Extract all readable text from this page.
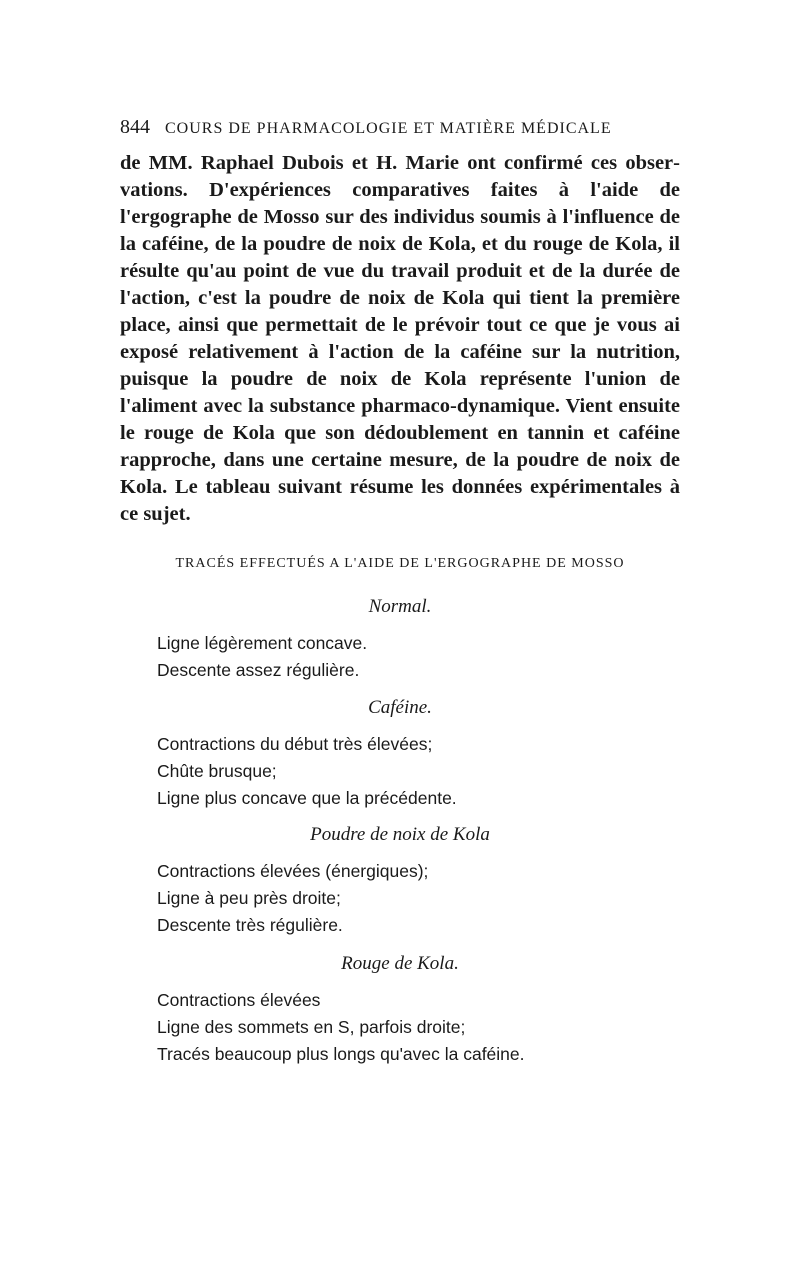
844 COURS DE PHARMACOLOGIE ET MATIÈRE MÉDICALE
de MM. Raphael Dubois et H. Marie ont confirmé ces observations. D'expériences comparatives faites à l'aide de l'ergographe de Mosso sur des individus soumis à l'influence de la caféine, de la poudre de noix de Kola, et du rouge de Kola, il résulte qu'au point de vue du travail produit et de la durée de l'action, c'est la poudre de noix de Kola qui tient la première place, ainsi que permettait de le prévoir tout ce que je vous ai exposé relativement à l'action de la caféine sur la nutrition, puisque la poudre de noix de Kola représente l'union de l'aliment avec la substance pharmaco-dynamique. Vient ensuite le rouge de Kola que son dédoublement en tannin et caféine rapproche, dans une certaine mesure, de la poudre de noix de Kola. Le tableau suivant résume les données expérimentales à ce sujet.
TRACÉS EFFECTUÉS A L'AIDE DE L'ERGOGRAPHE DE MOSSO
Normal.
Ligne légèrement concave.
Descente assez régulière.
Caféine.
Contractions du début très élevées;
Chûte brusque;
Ligne plus concave que la précédente.
Poudre de noix de Kola
Contractions élevées (énergiques);
Ligne à peu près droite;
Descente très régulière.
Rouge de Kola.
Contractions élevées
Ligne des sommets en S, parfois droite;
Tracés beaucoup plus longs qu'avec la caféine.
